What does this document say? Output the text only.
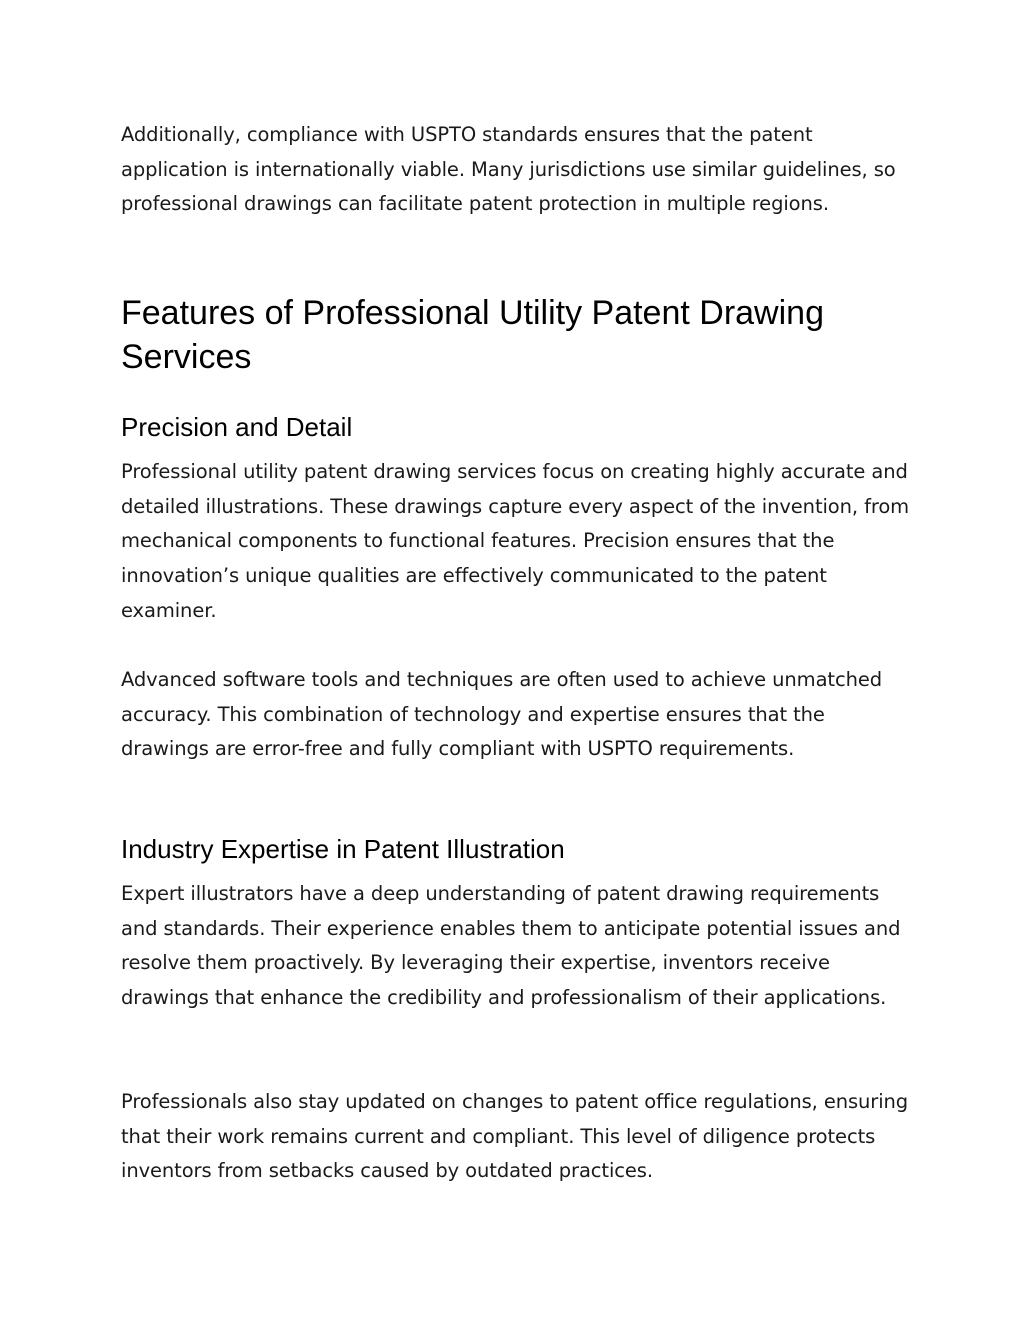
Additionally, compliance with USPTO standards ensures that the patent application is internationally viable. Many jurisdictions use similar guidelines, so professional drawings can facilitate patent protection in multiple regions.

Features of Professional Utility Patent Drawing Services
Precision and Detail

Professional utility patent drawing services focus on creating highly accurate and detailed illustrations. These drawings capture every aspect of the invention, from mechanical components to functional features. Precision ensures that the innovation’s unique qualities are effectively communicated to the patent examiner.

Advanced software tools and techniques are often used to achieve unmatched accuracy. This combination of technology and expertise ensures that the drawings are error-free and fully compliant with USPTO requirements.

Industry Expertise in Patent Illustration

Expert illustrators have a deep understanding of patent drawing requirements and standards. Their experience enables them to anticipate potential issues and resolve them proactively. By leveraging their expertise, inventors receive drawings that enhance the credibility and professionalism of their applications.

Professionals also stay updated on changes to patent office regulations, ensuring that their work remains current and compliant. This level of diligence protects inventors from setbacks caused by outdated practices.
